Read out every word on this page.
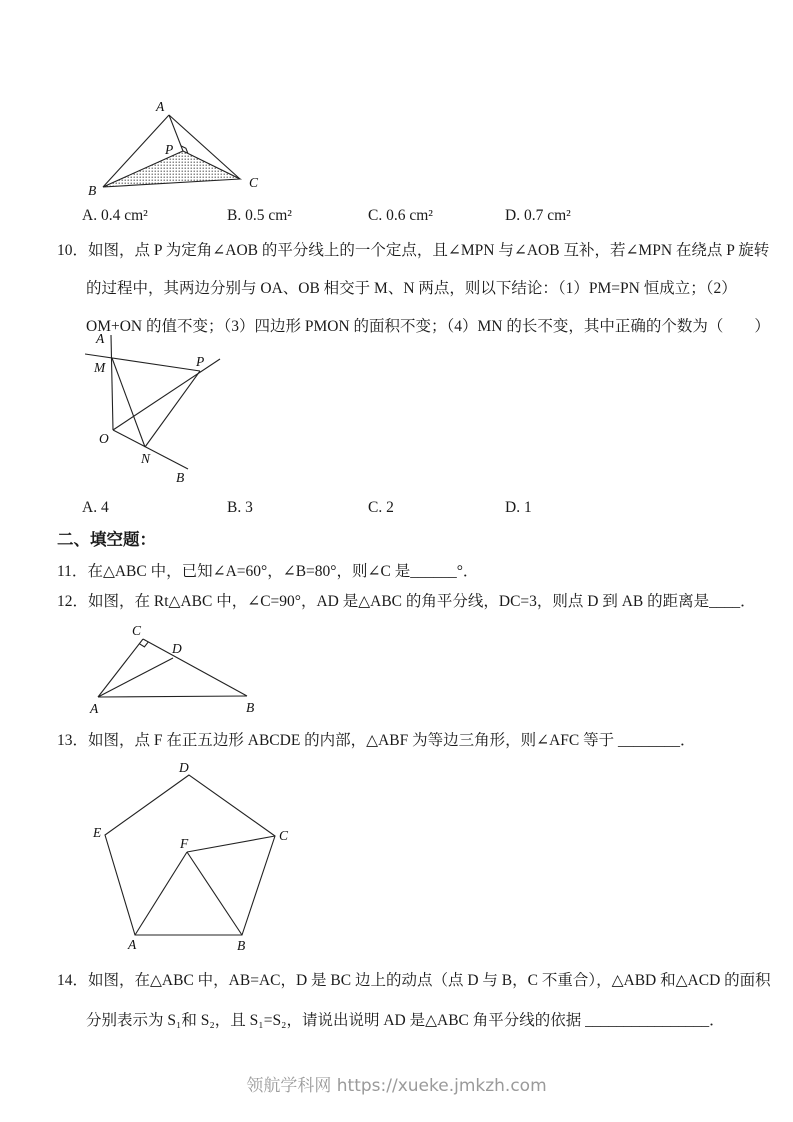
A
B
C
P
A. 0.4 cm²	B. 0.5 cm²	C. 0.6 cm²	D. 0.7 cm²

10．如图，点 P 为定角∠AOB 的平分线上的一个定点，且∠MPN 与∠AOB 互补，若∠MPN 在绕点 P 旋转的过程中，其两边分别与 OA、OB 相交于 M、N 两点，则以下结论：（1）PM=PN 恒成立；（2）OM+ON 的值不变；（3）四边形 PMON 的面积不变；（4）MN 的长不变，其中正确的个数为（　　）

A
M	P
O
N
B
A. 4	B. 3	C. 2	D. 1
二、填空题：

11．在△ABC 中，已知∠A=60°，∠B=80°，则∠C 是______°．

12．如图，在 Rt△ABC 中，∠C=90°，AD 是△ABC 的角平分线，DC=3，则点 D 到 AB 的距离是____．

C
D
A	B

13．如图，点 F 在正五边形 ABCDE 的内部，△ABF 为等边三角形，则∠AFC 等于 ________．

D
E	C
F
A	B

14．如图，在△ABC 中，AB=AC，D 是 BC 边上的动点（点 D 与 B，C 不重合），△ABD 和△ACD 的面积分别表示为 S₁和 S₂，且 S₁=S₂，请说出说明 AD 是△ABC 角平分线的依据 ________________．

领航学科网 https://xueke.jmkzh.com
